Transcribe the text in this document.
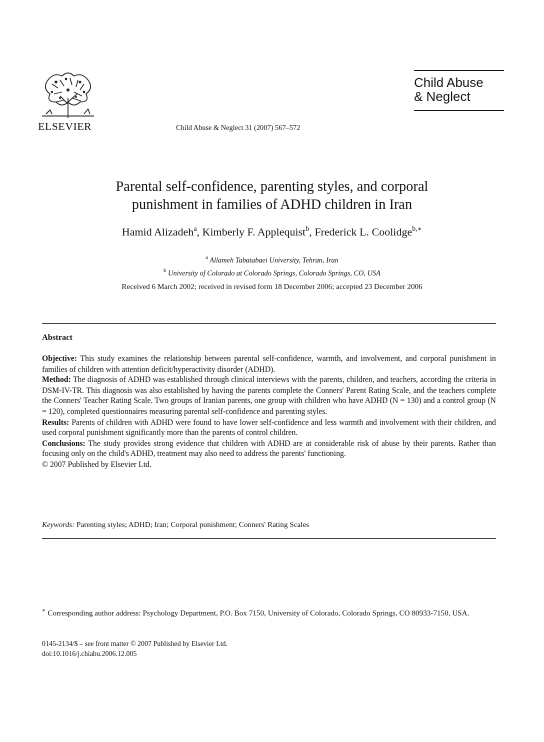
ELSEVIER	Child Abuse & Neglect 31 (2007) 567–572
Child Abuse
& Neglect
Parental self-confidence, parenting styles, and corporal
punishment in families of ADHD children in Iran
Hamid Alizadeh$^a$, Kimberly F. Applequist$^b$, Frederick L. Coolidge$^{b,∗}$
$^a$ Allameh Tabatabaei University, Tehran, Iran
$^b$ University of Colorado at Colorado Springs, Colorado Springs, CO, USA
Received 6 March 2002; received in revised form 18 December 2006; accepted 23 December 2006
Abstract

Objective: This study examines the relationship between parental self-confidence, warmth, and involvement, and corporal punishment in families of children with attention deficit/hyperactivity disorder (ADHD).

Method: The diagnosis of ADHD was established through clinical interviews with the parents, children, and teachers, according the criteria in DSM-IV-TR. This diagnosis was also established by having the parents complete the Conners' Parent Rating Scale, and the teachers complete the Conners' Teacher Rating Scale. Two groups of Iranian parents, one group with children who have ADHD (N = 130) and a control group (N = 120), completed questionnaires measuring parental self-confidence and parenting styles.

Results: Parents of children with ADHD were found to have lower self-confidence and less warmth and involvement with their children, and used corporal punishment significantly more than the parents of control children.

Conclusions: The study provides strong evidence that children with ADHD are at considerable risk of abuse by their parents. Rather than focusing only on the child's ADHD, treatment may also need to address the parents' functioning.

© 2007 Published by Elsevier Ltd.

Keywords: Parenting styles; ADHD; Iran; Corporal punishment; Conners' Rating Scales
∗ Corresponding author address: Psychology Department, P.O. Box 7150, University of Colorado, Colorado Springs, CO 80933-7150, USA.
0145-2134/$ – see front matter © 2007 Published by Elsevier Ltd.
doi:10.1016/j.chiabu.2006.12.005
